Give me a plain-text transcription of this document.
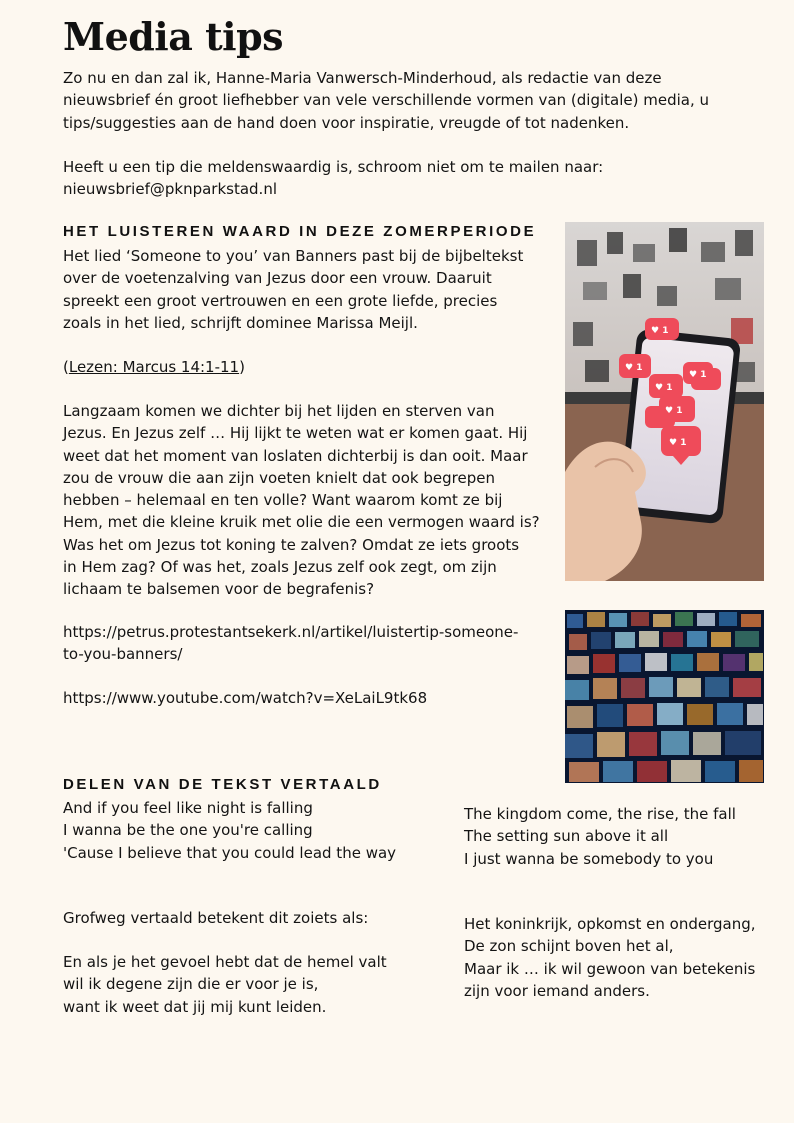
Media tips

Zo nu en dan zal ik, Hanne-Maria Vanwersch-Minderhoud, als redactie van deze
nieuwsbrief én groot liefhebber van vele verschillende vormen van (digitale) media, u
tips/suggesties aan de hand doen voor inspiratie, vreugde of tot nadenken.

Heeft u een tip die meldenswaardig is, schroom niet om te mailen naar:
nieuwsbrief@pknparkstad.nl

HET LUISTEREN WAARD IN DEZE ZOMERPERIODE

Het lied ‘Someone to you’ van Banners past bij de bijbeltekst
over de voetenzalving van Jezus door een vrouw. Daaruit
spreekt een groot vertrouwen en een grote liefde, precies
zoals in het lied, schrijft dominee Marissa Meijl.

(Lezen: Marcus 14:1-11)

Langzaam komen we dichter bij het lijden en sterven van
Jezus. En Jezus zelf … Hij lijkt te weten wat er komen gaat. Hij
weet dat het moment van loslaten dichterbij is dan ooit. Maar
zou de vrouw die aan zijn voeten knielt dat ook begrepen
hebben – helemaal en ten volle? Want waarom komt ze bij
Hem, met die kleine kruik met olie die een vermogen waard is?
Was het om Jezus tot koning te zalven? Omdat ze iets groots
in Hem zag? Of was het, zoals Jezus zelf ook zegt, om zijn
lichaam te balsemen voor de begrafenis?

https://petrus.protestantsekerk.nl/artikel/luistertip-someone-
to-you-banners/

https://www.youtube.com/watch?v=XeLaiL9tk68

♥ 1
♥ 1
♥ 1
♥ 1
♥ 1
♥ 1
DELEN VAN DE TEKST VERTAALD

And if you feel like night is falling
I wanna be the one you're calling
'Cause I believe that you could lead the way

The kingdom come, the rise, the fall
The setting sun above it all
I just wanna be somebody to you

Grofweg vertaald betekent dit zoiets als:

En als je het gevoel hebt dat de hemel valt
wil ik degene zijn die er voor je is,
want ik weet dat jij mij kunt leiden.

Het koninkrijk, opkomst en ondergang,
De zon schijnt boven het al,
Maar ik … ik wil gewoon van betekenis
zijn voor iemand anders.
